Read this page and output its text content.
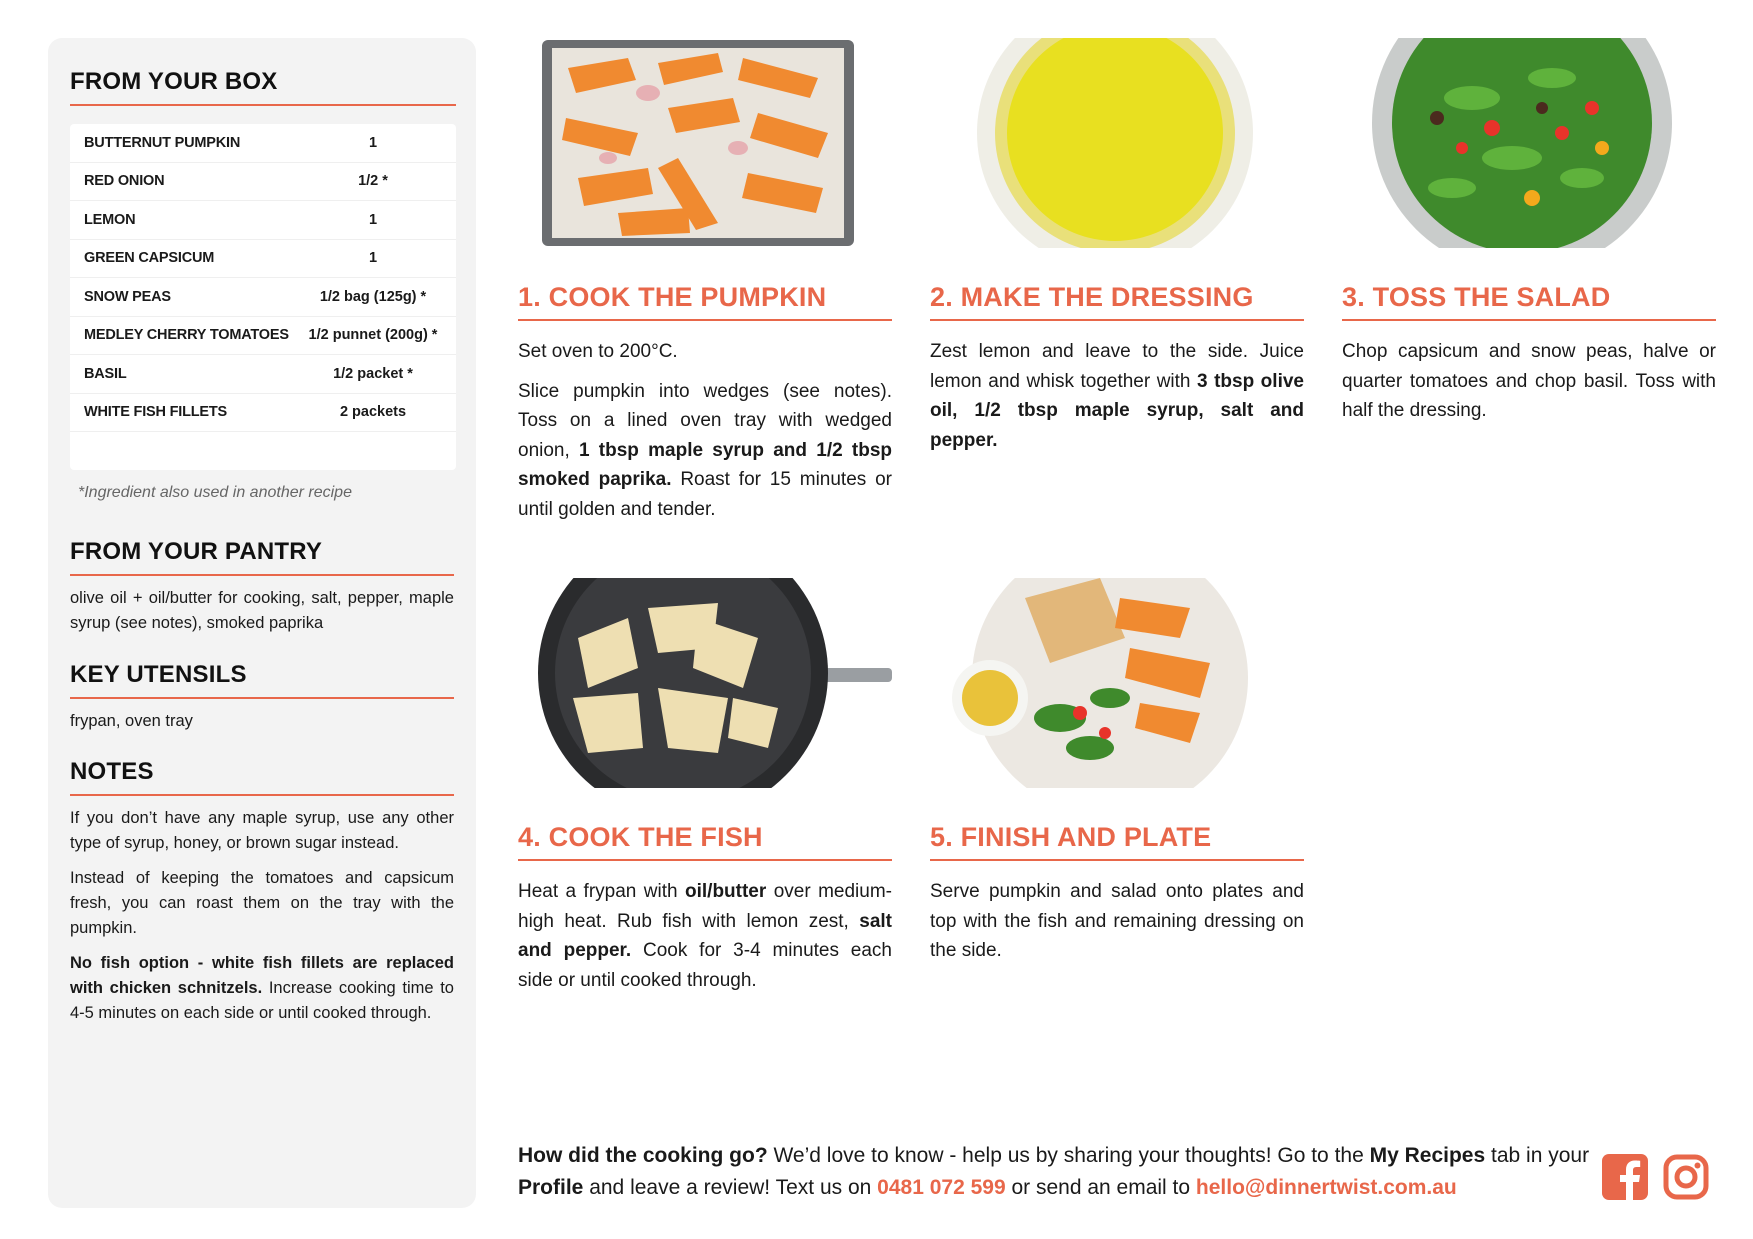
FROM YOUR BOX
BUTTERNUT PUMPKIN	1
RED ONION	1/2 *
LEMON	1
GREEN CAPSICUM	1
SNOW PEAS	1/2 bag (125g) *
MEDLEY CHERRY TOMATOES	1/2 punnet (200g) *
BASIL	1/2 packet *
WHITE FISH FILLETS	2 packets
*Ingredient also used in another recipe
FROM YOUR PANTRY

olive oil + oil/butter for cooking, salt, pepper, maple syrup (see notes), smoked paprika

KEY UTENSILS

frypan, oven tray

NOTES

If you don’t have any maple syrup, use any other type of syrup, honey, or brown sugar instead.

Instead of keeping the tomatoes and capsicum fresh, you can roast them on the tray with the pumpkin.

No fish option - white fish fillets are replaced with chicken schnitzels. Increase cooking time to 4-5 minutes on each side or until cooked through.

1. COOK THE PUMPKIN

Set oven to 200°C.

Slice pumpkin into wedges (see notes). Toss on a lined oven tray with wedged onion, 1 tbsp maple syrup and 1/2 tbsp smoked paprika. Roast for 15 minutes or until golden and tender.

2. MAKE THE DRESSING

Zest lemon and leave to the side. Juice lemon and whisk together with 3 tbsp olive oil, 1/2 tbsp maple syrup, salt and pepper.

3. TOSS THE SALAD

Chop capsicum and snow peas, halve or quarter tomatoes and chop basil. Toss with half the dressing.

4. COOK THE FISH

Heat a frypan with oil/butter over medium-high heat. Rub fish with lemon zest, salt and pepper. Cook for 3-4 minutes each side or until cooked through.

5. FINISH AND PLATE

Serve pumpkin and salad onto plates and top with the fish and remaining dressing on the side.

How did the cooking go? We’d love to know - help us by sharing your thoughts! Go to the My Recipes tab in your Profile and leave a review! Text us on 0481 072 599 or send an email to hello@dinnertwist.com.au
